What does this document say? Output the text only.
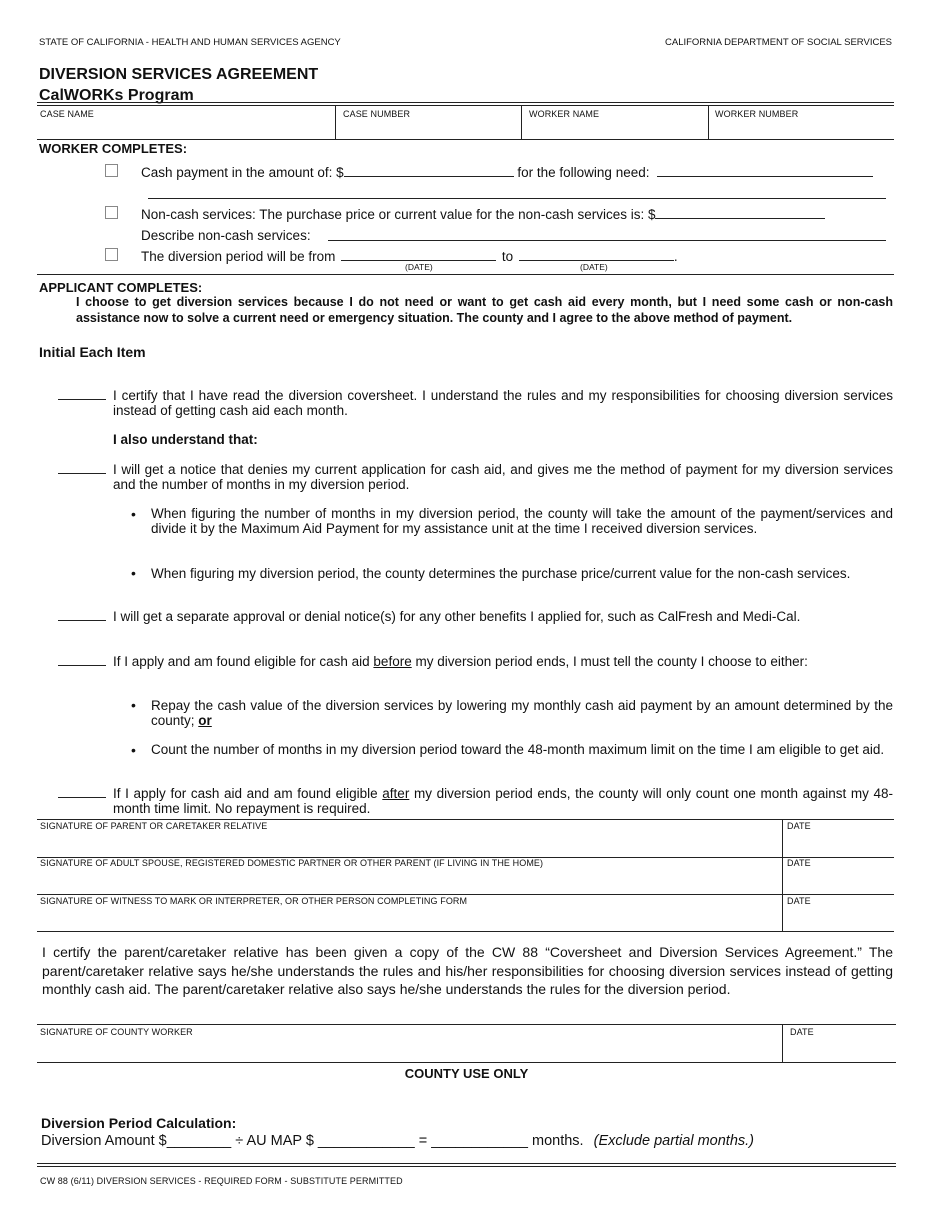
STATE OF CALIFORNIA - HEALTH AND HUMAN SERVICES AGENCY	CALIFORNIA DEPARTMENT OF SOCIAL SERVICES
DIVERSION SERVICES AGREEMENT
CalWORKs Program
CASE NAME	CASE NUMBER	WORKER NAME	WORKER NUMBER
WORKER COMPLETES:
Cash payment in the amount of: $	for the following need:
Non-cash services: The purchase price or current value for the non-cash services is: $
Describe non-cash services:
The diversion period will be from	to	.
(DATE)	(DATE)
APPLICANT COMPLETES:
I choose to get diversion services because I do not need or want to get cash aid every month, but I need some cash or non-cash assistance now to solve a current need or emergency situation. The county and I agree to the above method of payment.
Initial Each Item
I certify that I have read the diversion coversheet. I understand the rules and my responsibilities for choosing diversion services instead of getting cash aid each month.
I also understand that:
I will get a notice that denies my current application for cash aid, and gives me the method of payment for my diversion services and the number of months in my diversion period.
• When figuring the number of months in my diversion period, the county will take the amount of the payment/services and divide it by the Maximum Aid Payment for my assistance unit at the time I received diversion services.
• When figuring my diversion period, the county determines the purchase price/current value for the non-cash services.
I will get a separate approval or denial notice(s) for any other benefits I applied for, such as CalFresh and Medi-Cal.
If I apply and am found eligible for cash aid before my diversion period ends, I must tell the county I choose to either:
• Repay the cash value of the diversion services by lowering my monthly cash aid payment by an amount determined by the county; or
• Count the number of months in my diversion period toward the 48-month maximum limit on the time I am eligible to get aid.
If I apply for cash aid and am found eligible after my diversion period ends, the county will only count one month against my 48-month time limit. No repayment is required.
SIGNATURE OF PARENT OR CARETAKER RELATIVE	DATE
SIGNATURE OF ADULT SPOUSE, REGISTERED DOMESTIC PARTNER OR OTHER PARENT (IF LIVING IN THE HOME)	DATE
SIGNATURE OF WITNESS TO MARK OR INTERPRETER, OR OTHER PERSON COMPLETING FORM	DATE
I certify the parent/caretaker relative has been given a copy of the CW 88 “Coversheet and Diversion Services Agreement.” The parent/caretaker relative says he/she understands the rules and his/her responsibilities for choosing diversion services instead of getting monthly cash aid. The parent/caretaker relative also says he/she understands the rules for the diversion period.
SIGNATURE OF COUNTY WORKER	DATE
COUNTY USE ONLY
Diversion Period Calculation:
Diversion Amount $________ ÷ AU MAP $ ____________ = ____________ months. (Exclude partial months.)
CW 88 (6/11) DIVERSION SERVICES - REQUIRED FORM - SUBSTITUTE PERMITTED
